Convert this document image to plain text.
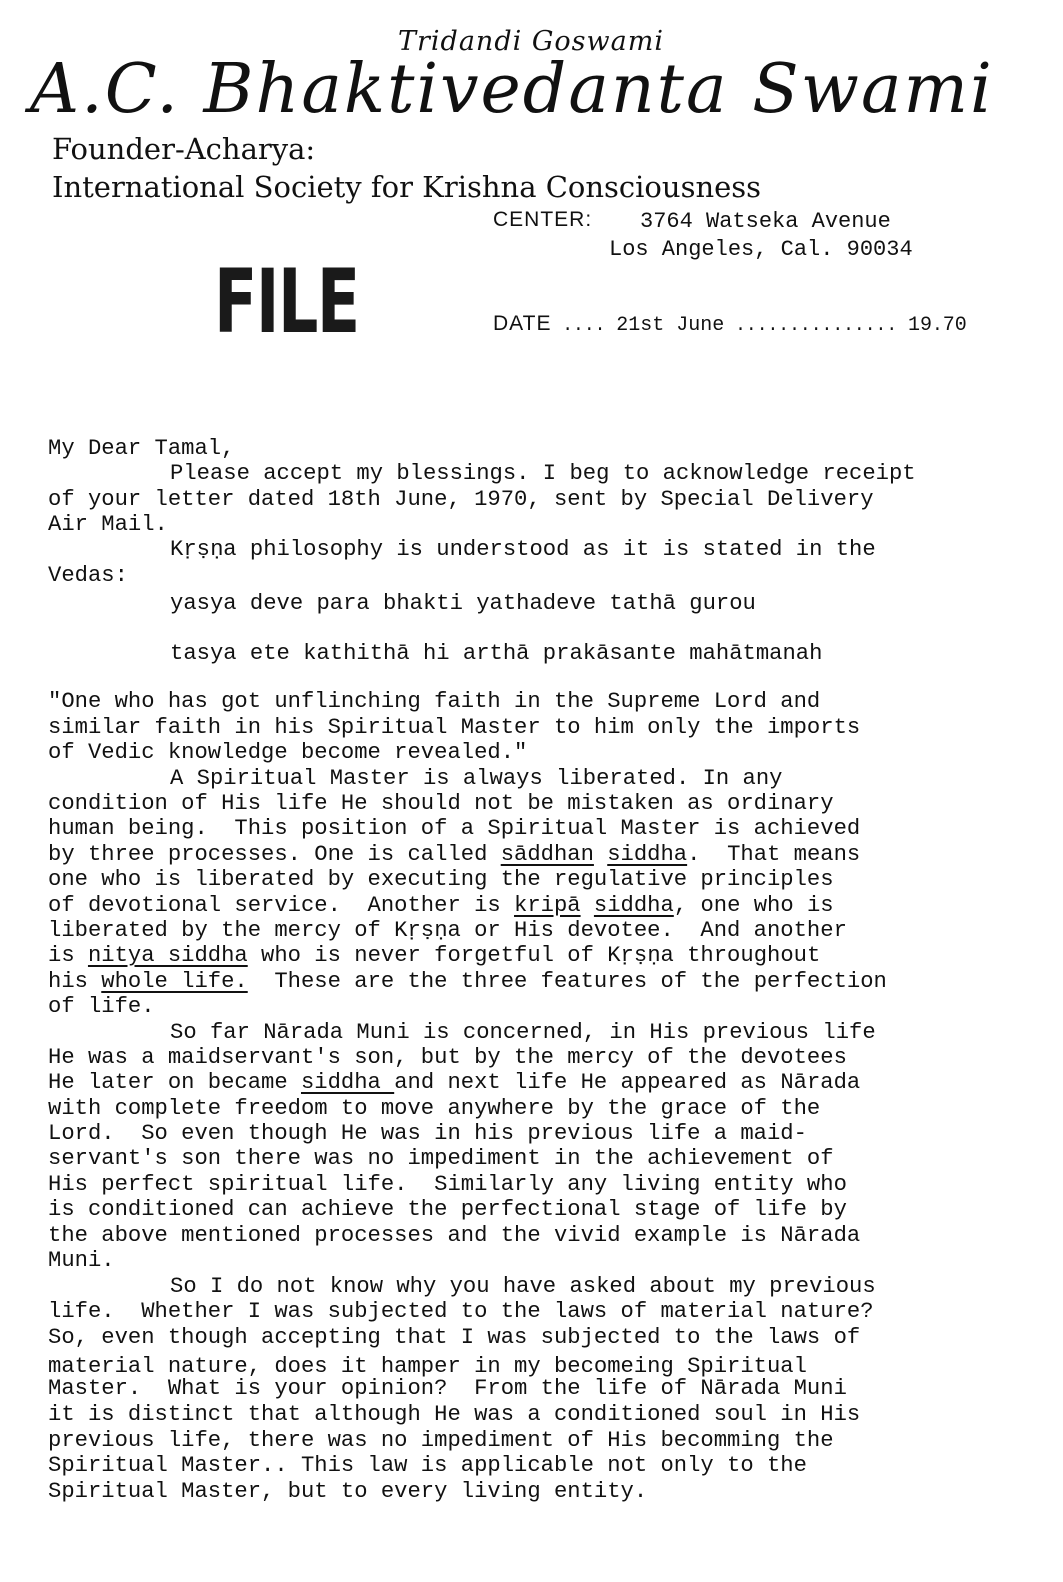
Tridandi Goswami
A.C. Bhaktivedanta Swami
Founder-Acharya:
International Society for Krishna Consciousness
CENTER: 3764 Watseka Avenue
Los Angeles, Cal. 90034
FILE	DATE .... 21st June ............... 19.70
My Dear Tamal,
Please accept my blessings. I beg to acknowledge receipt
of your letter dated 18th June, 1970, sent by Special Delivery
Air Mail.
Kṛṣṇa philosophy is understood as it is stated in the
Vedas:
yasya deve para bhakti yathadeve tathā gurou
tasya ete kathithā hi arthā prakāsante mahātmanah
"One who has got unflinching faith in the Supreme Lord and
similar faith in his Spiritual Master to him only the imports
of Vedic knowledge become revealed."
A Spiritual Master is always liberated. In any
condition of His life He should not be mistaken as ordinary
human being.  This position of a Spiritual Master is achieved
by three processes. One is called sāddhan siddha.  That means
one who is liberated by executing the regulative principles
of devotional service.  Another is kripā siddha, one who is
liberated by the mercy of Kṛṣṇa or His devotee.  And another
is nitya siddha who is never forgetful of Kṛṣṇa throughout
his whole life.  These are the three features of the perfection
of life.
So far Nārada Muni is concerned, in His previous life
He was a maidservant's son, but by the mercy of the devotees
He later on became siddha and next life He appeared as Nārada
with complete freedom to move anywhere by the grace of the
Lord.  So even though He was in his previous life a maid-
servant's son there was no impediment in the achievement of
His perfect spiritual life.  Similarly any living entity who
is conditioned can achieve the perfectional stage of life by
the above mentioned processes and the vivid example is Nārada
Muni.
So I do not know why you have asked about my previous
life.  Whether I was subjected to the laws of material nature?
So, even though accepting that I was subjected to the laws of
material nature, does it hamper in my becomeing Spiritual
Master.  What is your opinion?  From the life of Nārada Muni
it is distinct that although He was a conditioned soul in His
previous life, there was no impediment of His becomming the
Spiritual Master.. This law is applicable not only to the
Spiritual Master, but to every living entity.
